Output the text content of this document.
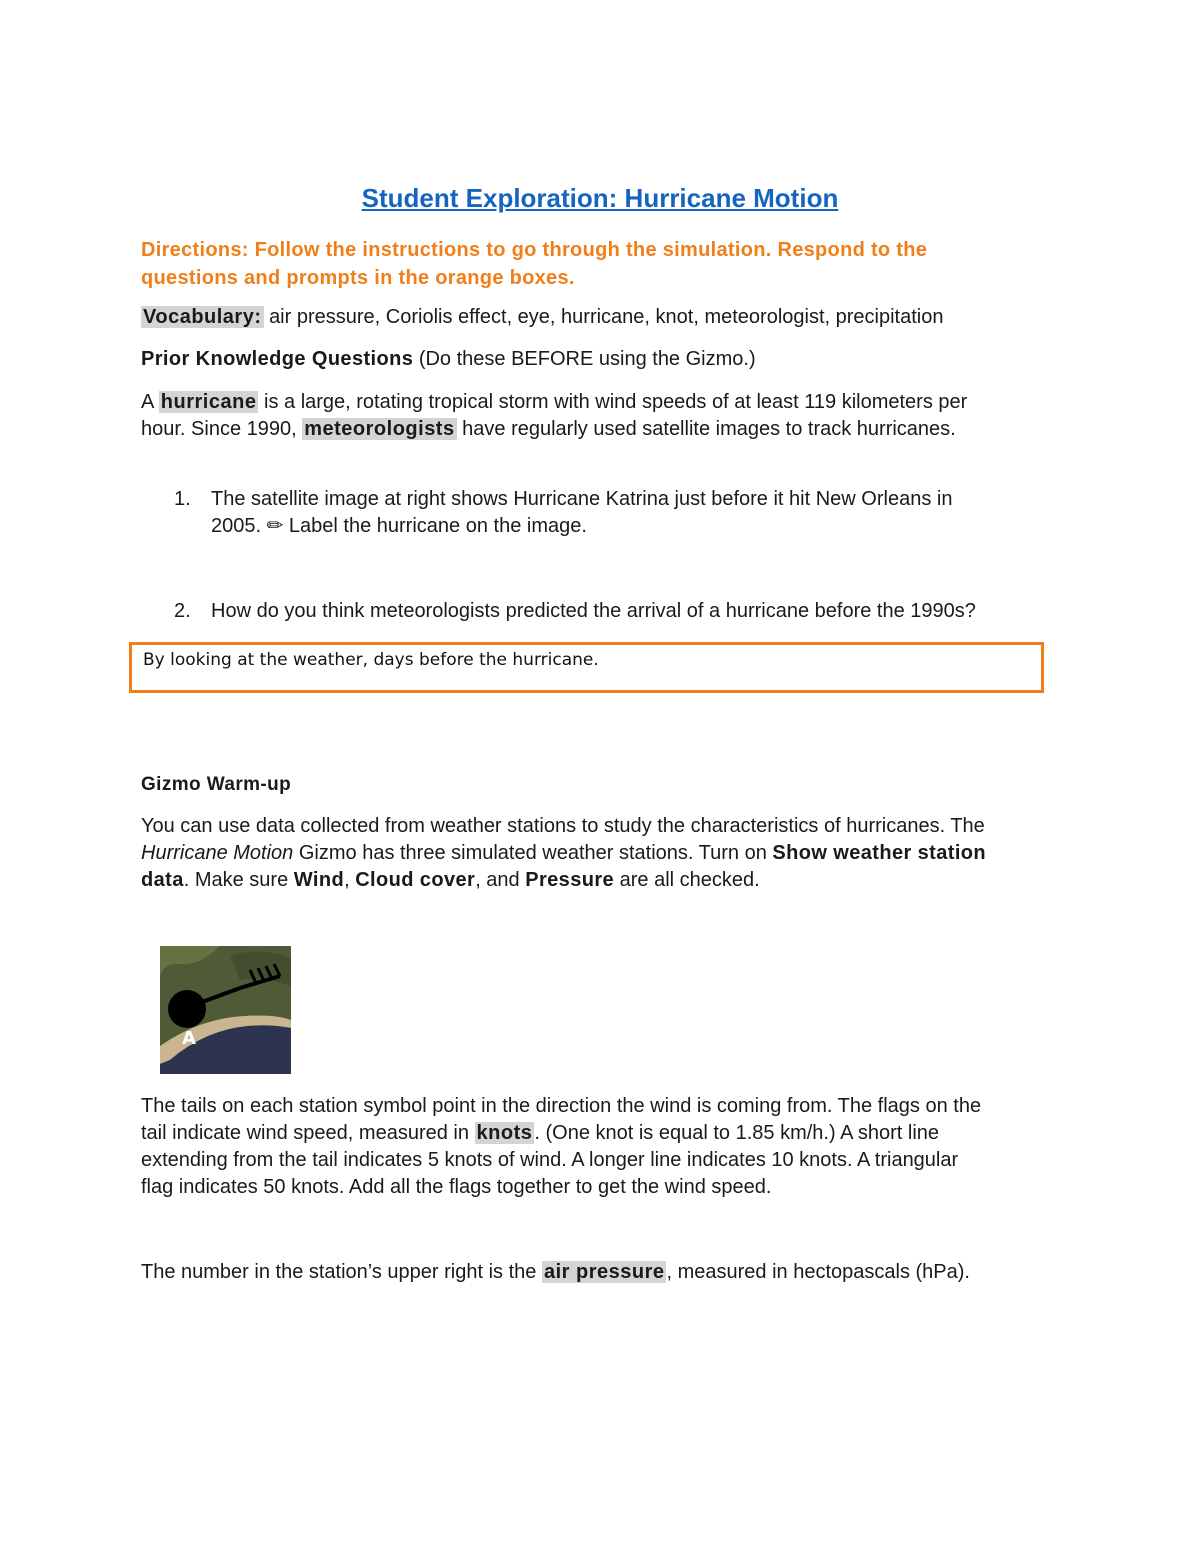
Student Exploration: Hurricane Motion
Directions: Follow the instructions to go through the simulation. Respond to the
questions and prompts in the orange boxes.
Vocabulary: air pressure, Coriolis effect, eye, hurricane, knot, meteorologist, precipitation
Prior Knowledge Questions (Do these BEFORE using the Gizmo.)
A hurricane is a large, rotating tropical storm with wind speeds of at least 119 kilometers per
hour. Since 1990, meteorologists have regularly used satellite images to track hurricanes.
1. The satellite image at right shows Hurricane Katrina just before it hit New Orleans in
2005. ✏ Label the hurricane on the image.
2. How do you think meteorologists predicted the arrival of a hurricane before the 1990s?
By looking at the weather, days before the hurricane.
Gizmo Warm-up
You can use data collected from weather stations to study the characteristics of hurricanes. The
Hurricane Motion Gizmo has three simulated weather stations. Turn on Show weather station
data. Make sure Wind, Cloud cover, and Pressure are all checked.
A
The tails on each station symbol point in the direction the wind is coming from. The flags on the
tail indicate wind speed, measured in knots . (One knot is equal to 1.85 km/h.) A short line
extending from the tail indicates 5 knots of wind. A longer line indicates 10 knots. A triangular
flag indicates 50 knots. Add all the flags together to get the wind speed.
The number in the station’s upper right is the air pressure , measured in hectopascals (hPa).
